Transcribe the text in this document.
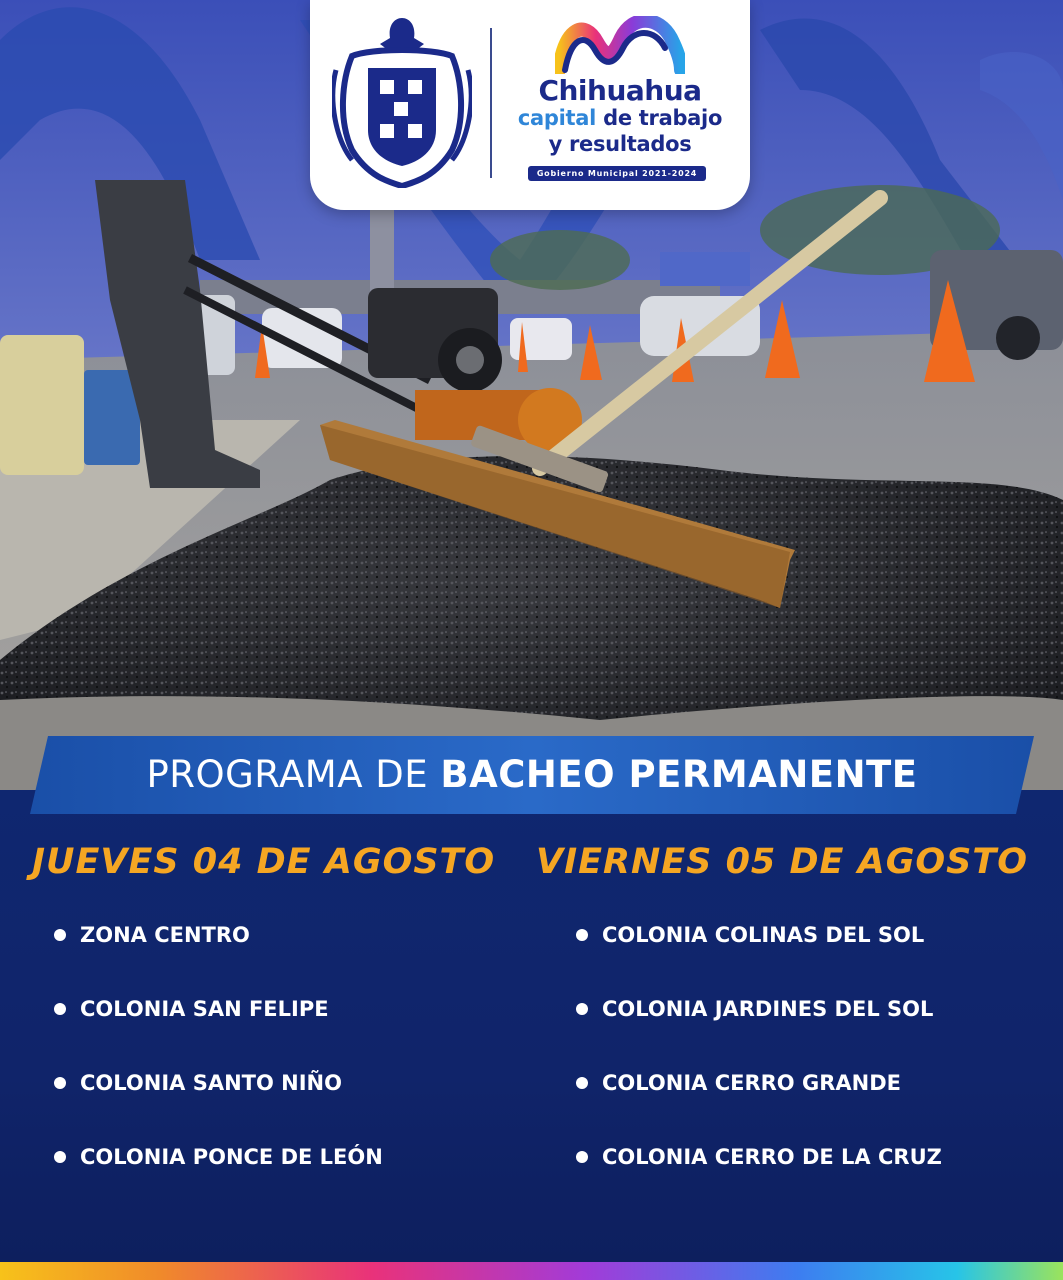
Chihuahua
capital de trabajo
y resultados
Gobierno Municipal 2021-2024
PROGRAMA DE BACHEO PERMANENTE
JUEVES 04 DE AGOSTO VIERNES 05 DE AGOSTO
ZONA CENTRO
COLONIA SAN FELIPE
COLONIA SANTO NIÑO
COLONIA PONCE DE LEÓN
COLONIA COLINAS DEL SOL
COLONIA JARDINES DEL SOL
COLONIA CERRO GRANDE
COLONIA CERRO DE LA CRUZ
